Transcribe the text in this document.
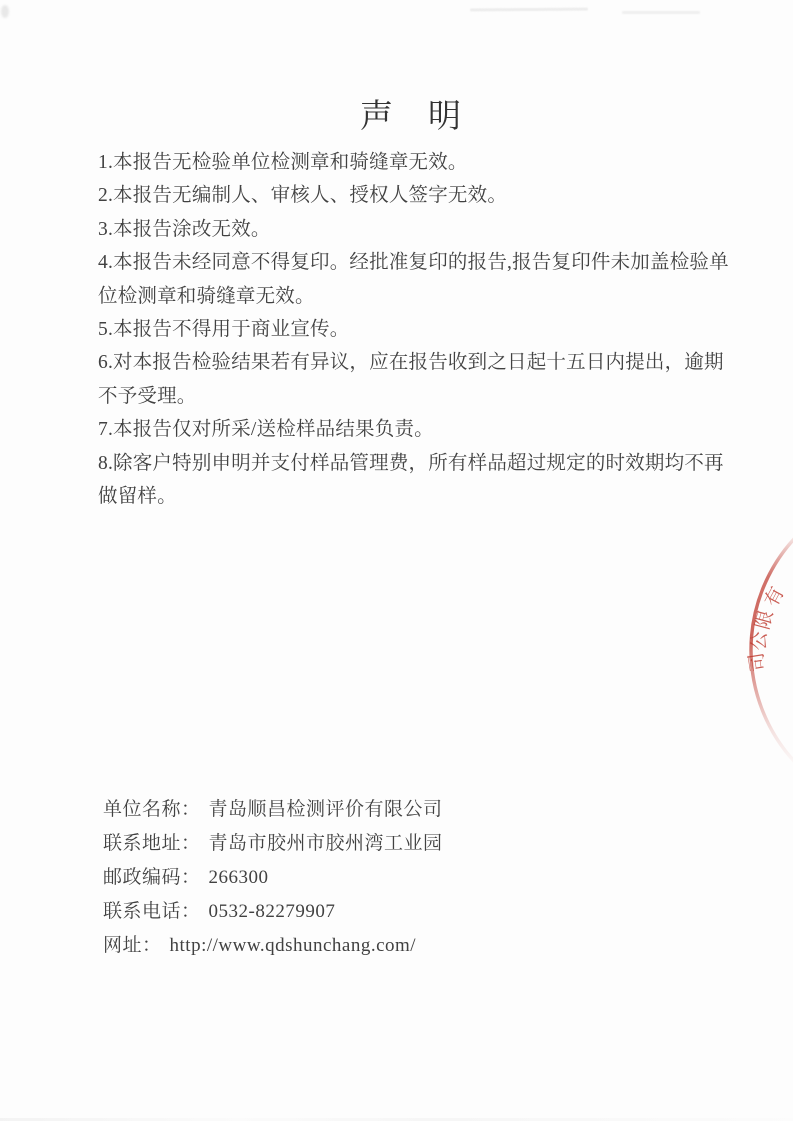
声　明
1.本报告无检验单位检测章和骑缝章无效。
2.本报告无编制人、审核人、授权人签字无效。
3.本报告涂改无效。
4.本报告未经同意不得复印。经批准复印的报告,报告复印件未加盖检验单
位检测章和骑缝章无效。
5.本报告不得用于商业宣传。
6.对本报告检验结果若有异议，应在报告收到之日起十五日内提出，逾期
不予受理。
7.本报告仅对所采/送检样品结果负责。
8.除客户特别申明并支付样品管理费，所有样品超过规定的时效期均不再
做留样。
单位名称： 青岛顺昌检测评价有限公司
联系地址： 青岛市胶州市胶州湾工业园
邮政编码： 266300
联系电话： 0532-82279907
网址： http://www.qdshunchang.com/
有
限
公
司
